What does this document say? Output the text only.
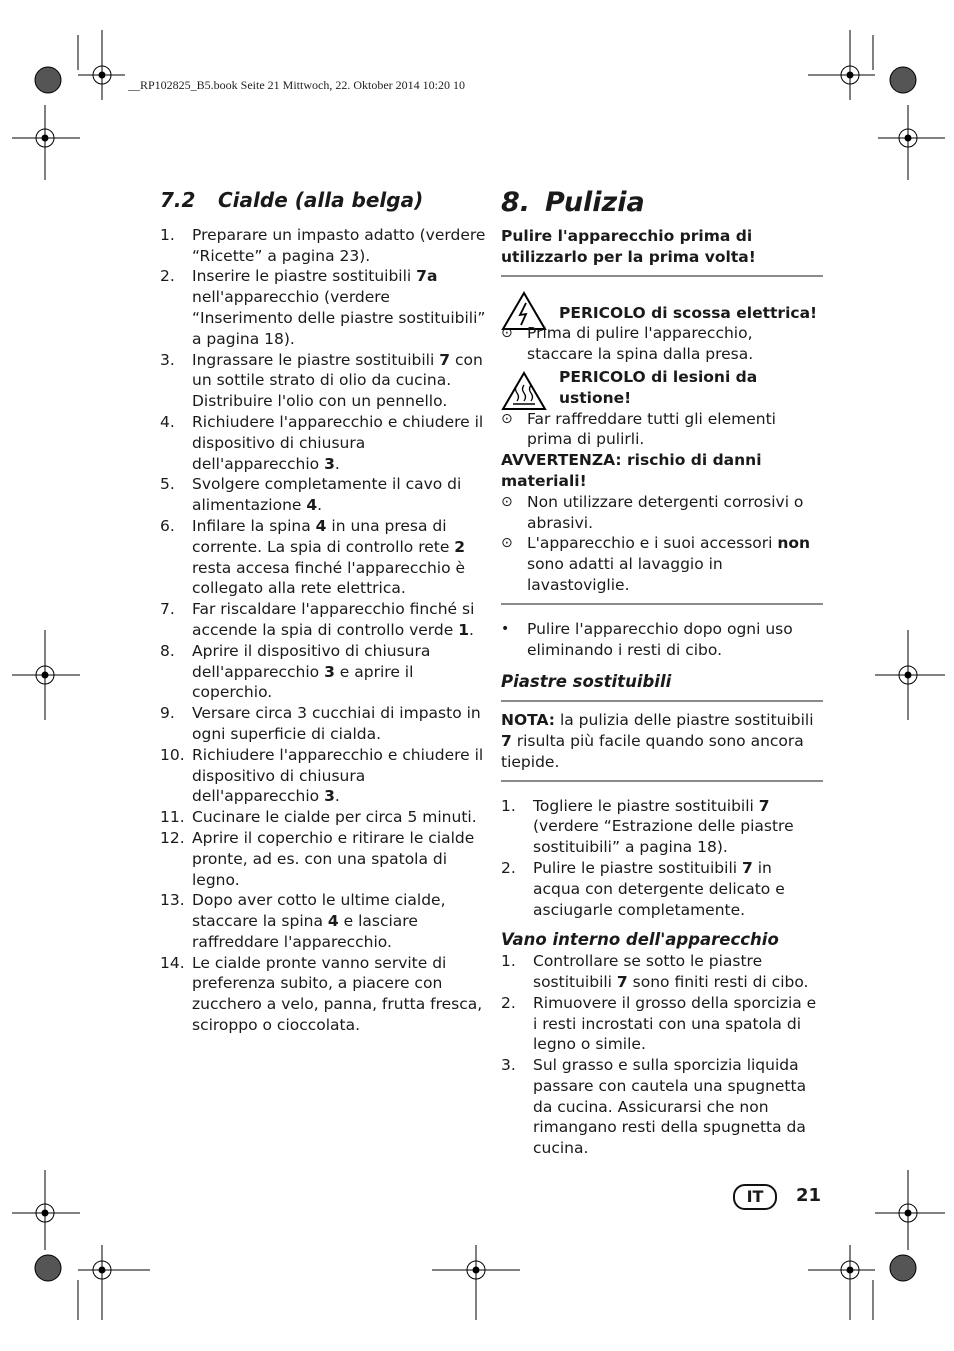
__RP102825_B5.book Seite 21 Mittwoch, 22. Oktober 2014 10:20 10
7.2 Cialde (alla belga)
1. Preparare un impasto adatto (verdere “Ricette” a pagina 23).
2. Inserire le piastre sostituibili 7a nell'apparecchio (verdere “Inserimento delle piastre sostituibili” a pagina 18).
3. Ingrassare le piastre sostituibili 7 con un sottile strato di olio da cucina. Distribuire l'olio con un pennello.
4. Richiudere l'apparecchio e chiudere il dispositivo di chiusura dell'apparecchio 3.
5. Svolgere completamente il cavo di alimentazione 4.
6. Infilare la spina 4 in una presa di corrente. La spia di controllo rete 2 resta accesa finché l'apparecchio è collegato alla rete elettrica.
7. Far riscaldare l'apparecchio finché si accende la spia di controllo verde 1.
8. Aprire il dispositivo di chiusura dell'apparecchio 3 e aprire il coperchio.
9. Versare circa 3 cucchiai di impasto in ogni superficie di cialda.
10. Richiudere l'apparecchio e chiudere il dispositivo di chiusura dell'apparecchio 3.
11. Cucinare le cialde per circa 5 minuti.
12. Aprire il coperchio e ritirare le cialde pronte, ad es. con una spatola di legno.
13. Dopo aver cotto le ultime cialde, staccare la spina 4 e lasciare raffreddare l'apparecchio.
14. Le cialde pronte vanno servite di preferenza subito, a piacere con zucchero a velo, panna, frutta fresca, sciroppo o cioccolata.
8. Pulizia
Pulire l'apparecchio prima di utilizzarlo per la prima volta!
PERICOLO di scossa elettrica!
⊙ Prima di pulire l'apparecchio, staccare la spina dalla presa.
PERICOLO di lesioni da ustione!
⊙ Far raffreddare tutti gli elementi prima di pulirli.
AVVERTENZA: rischio di danni materiali!
⊙ Non utilizzare detergenti corrosivi o abrasivi.
⊙ L'apparecchio e i suoi accessori non sono adatti al lavaggio in lavastoviglie.
• Pulire l'apparecchio dopo ogni uso eliminando i resti di cibo.
Piastre sostituibili
NOTA: la pulizia delle piastre sostituibili 7 risulta più facile quando sono ancora tiepide.
1. Togliere le piastre sostituibili 7 (verdere “Estrazione delle piastre sostituibili” a pagina 18).
2. Pulire le piastre sostituibili 7 in acqua con detergente delicato e asciugarle completamente.
Vano interno dell'apparecchio
1. Controllare se sotto le piastre sostituibili 7 sono finiti resti di cibo.
2. Rimuovere il grosso della sporcizia e i resti incrostati con una spatola di legno o simile.
3. Sul grasso e sulla sporcizia liquida passare con cautela una spugnetta da cucina. Assicurarsi che non rimangano resti della spugnetta da cucina.
IT	21
